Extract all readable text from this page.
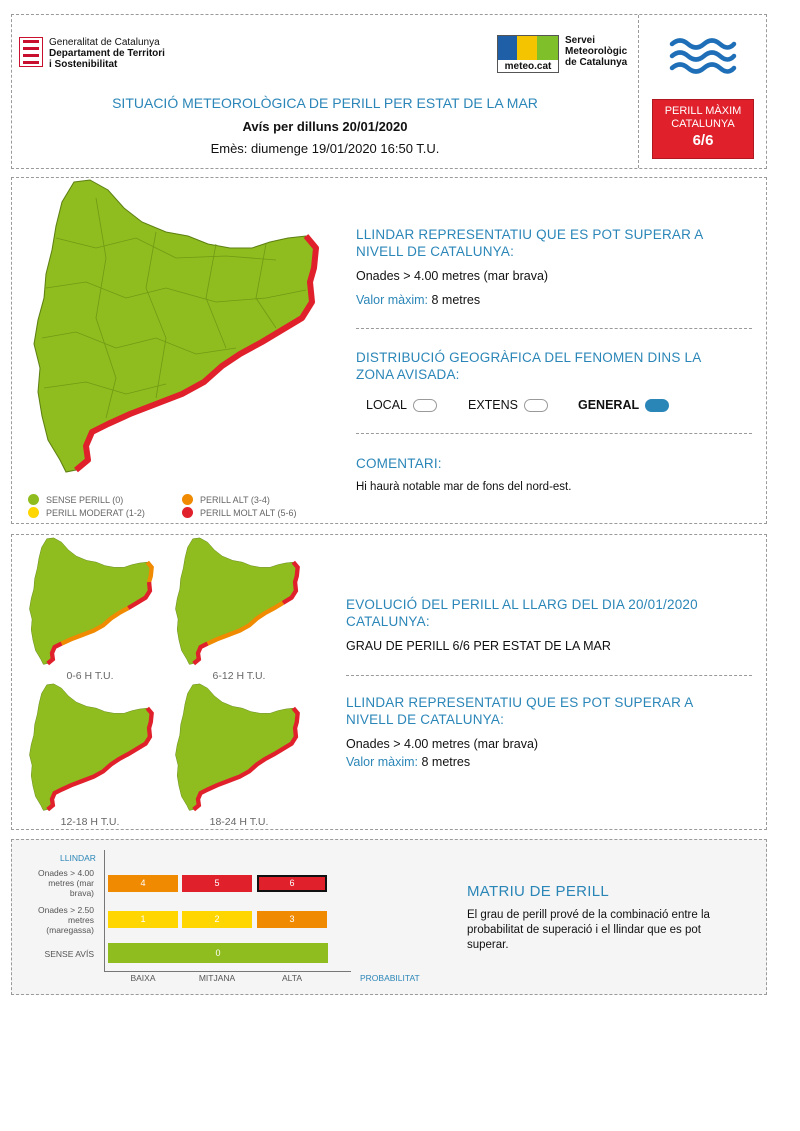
Generalitat de Catalunya
Departament de Territori
i Sostenibilitat	meteo.cat
Servei
Meteorològic
de Catalunya
SITUACIÓ METEOROLÒGICA DE PERILL PER ESTAT DE LA MAR
Avís per dilluns 20/01/2020
Emès: diumenge 19/01/2020 16:50 T.U.
PERILL MÀXIM
CATALUNYA
6/6
SENSE PERILL (0)
PERILL MODERAT (1-2)
PERILL ALT (3-4)
PERILL MOLT ALT (5-6)
LLINDAR REPRESENTATIU QUE ES POT SUPERAR A NIVELL DE CATALUNYA:
Onades > 4.00 metres (mar brava)
Valor màxim: 8 metres
DISTRIBUCIÓ GEOGRÀFICA DEL FENOMEN DINS LA ZONA AVISADA:
LOCAL	EXTENS	GENERAL
COMENTARI:
Hi haurà notable mar de fons del nord-est.
0-6 H T.U.	6-12 H T.U.
12-18 H T.U.	18-24 H T.U.
EVOLUCIÓ DEL PERILL AL LLARG DEL DIA 20/01/2020 CATALUNYA:
GRAU DE PERILL 6/6 PER ESTAT DE LA MAR
LLINDAR REPRESENTATIU QUE ES POT SUPERAR A NIVELL DE CATALUNYA:
Onades > 4.00 metres (mar brava)
Valor màxim: 8 metres
LLINDAR
Onades > 4.00
metres (mar
brava)
Onades > 2.50
metres
(maregassa)
SENSE AVÍS
4	5	6
1	2	3
0
BAIXA	MITJANA	ALTA	PROBABILITAT
MATRIU DE PERILL
El grau de perill prové de la combinació entre la probabilitat de superació i el llindar que es pot superar.
